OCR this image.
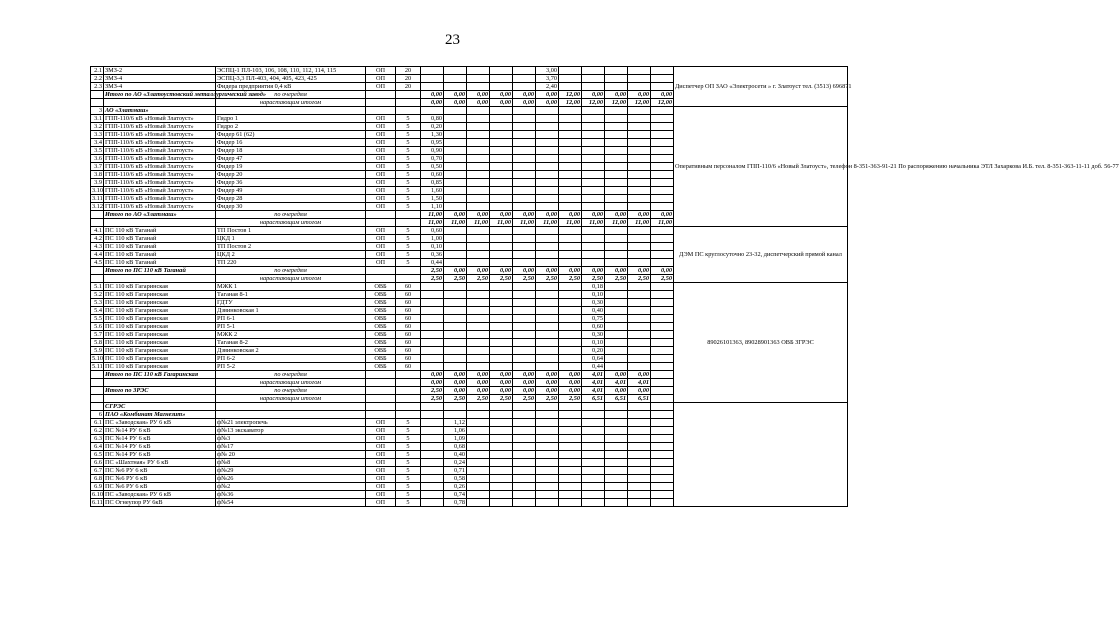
23
2.1	ЗМЗ-2	ЭСПЦ-1 ПЛ-103, 106, 108, 110, 112, 114, 115	ОП	20						3,00						Диспетчер ОП ЗАО «Электросети » г. Златоуст тел. (3513) 696871
2.2	ЗМЗ-4	ЭСПЦ-3,3 ПЛ-403, 404, 405, 423, 425	ОП	20						3,70						
2.3	ЗМЗ-4	Фидера предприятия 0,4 кВ	ОП	20						2,40						
	Итого по АО «Златоустовский металлургический завод»	по очередям			0,00	0,00	0,00	0,00	0,00	0,00	12,00	0,00	0,00	0,00	0,00	
		нарастающим итогом			0,00	0,00	0,00	0,00	0,00	0,00	12,00	12,00	12,00	12,00	12,00	
3	АО «Златмаш»															Оперативным персоналом ГПП-110/6 «Новый Златоуст», телефон 8-351-363-91-21 По распоряжению начальника ЭТЛ Захаркова И.Б. тел. 8-351-363-11-11 доб. 56-77
3.1	ГПП-110/6 кВ «Новый Златоуст»	Гидро 1	ОП	5	0,80											
3.2	ГПП-110/6 кВ «Новый Златоуст»	Гидро 2	ОП	5	0,20											
3.3	ГПП-110/6 кВ «Новый Златоуст»	Фидер 61 (62)	ОП	5	1,30											
3.4	ГПП-110/6 кВ «Новый Златоуст»	Фидер 16	ОП	5	0,95											
3.5	ГПП-110/6 кВ «Новый Златоуст»	Фидер 18	ОП	5	0,90											
3.6	ГПП-110/6 кВ «Новый Златоуст»	Фидер 47	ОП	5	0,70											
3.7	ГПП-110/6 кВ «Новый Златоуст»	Фидер 19	ОП	5	0,50											
3.8	ГПП-110/6 кВ «Новый Златоуст»	Фидер 20	ОП	5	0,60											
3.9	ГПП-110/6 кВ «Новый Златоуст»	Фидер 36	ОП	5	0,85											
3.10	ГПП-110/6 кВ «Новый Златоуст»	Фидер 49	ОП	5	1,60											
3.11	ГПП-110/6 кВ «Новый Златоуст»	Фидер 28	ОП	5	1,50											
3.12	ГПП-110/6 кВ «Новый Златоуст»	Фидер 30	ОП	5	1,10											
	Итого по АО «Златмаш»	по очередям			11,00	0,00	0,00	0,00	0,00	0,00	0,00	0,00	0,00	0,00	0,00	
		нарастающим итогом			11,00	11,00	11,00	11,00	11,00	11,00	11,00	11,00	11,00	11,00	11,00	
4.1	ПС 110 кВ Таганай	ТП Постов 1	ОП	5	0,60											ДЭМ ПС круглосуточно 23-32, диспетчерский прямой канал
4.2	ПС 110 кВ Таганай	ЦКД 1	ОП	5	1,00											
4.3	ПС 110 кВ Таганай	ТП Постов 2	ОП	5	0,10											
4.4	ПС 110 кВ Таганай	ЦКД 2	ОП	5	0,36											
4.5	ПС 110 кВ Таганай	ТП 220	ОП	5	0,44											
	Итого по ПС 110 кВ Таганай	по очередям			2,50	0,00	0,00	0,00	0,00	0,00	0,00	0,00	0,00	0,00	0,00	
		нарастающим итогом			2,50	2,50	2,50	2,50	2,50	2,50	2,50	2,50	2,50	2,50	2,50	
5.1	ПС 110 кВ Гагаринская	МЖК 1	ОВБ	60								0,18				89026101363, 89028901363 ОВБ ЗГРЭС
5.2	ПС 110 кВ Гагаринская	Таганая 8-1	ОВБ	60								0,10				
5.3	ПС 110 кВ Гагаринская	ГДТУ	ОВБ	60								0,30				
5.4	ПС 110 кВ Гагаринская	Дзвинковская 1	ОВБ	60								0,40				
5.5	ПС 110 кВ Гагаринская	РП 6-1	ОВБ	60								0,75				
5.6	ПС 110 кВ Гагаринская	РП 5-1	ОВБ	60								0,60				
5.7	ПС 110 кВ Гагаринская	МЖК 2	ОВБ	60								0,30				
5.8	ПС 110 кВ Гагаринская	Таганая 8-2	ОВБ	60								0,10				
5.9	ПС 110 кВ Гагаринская	Дзвинковская 2	ОВБ	60								0,20				
5.10	ПС 110 кВ Гагаринская	РП 6-2	ОВБ	60								0,64				
5.11	ПС 110 кВ Гагаринская	РП 5-2	ОВБ	60								0,44				
	Итого по ПС 110 кВ Гагаринская	по очередям			0,00	0,00	0,00	0,00	0,00	0,00	0,00	4,01	0,00	0,00		
		нарастающим итогом			0,00	0,00	0,00	0,00	0,00	0,00	0,00	4,01	4,01	4,01		
	Итого по ЗРЭС	по очередям			2,50	0,00	0,00	0,00	0,00	0,00	0,00	4,01	0,00	0,00		
		нарастающим итогом			2,50	2,50	2,50	2,50	2,50	2,50	2,50	6,51	6,51	6,51		
	СГРЭС															
6	ПАО «Комбинат Магнезит»															
6.1	ПС «Заводская» РУ 6 кВ	ф№21 электропечь	ОП	5		1,12										
6.2	ПС №14 РУ 6 кВ	ф№13 экскаватор	ОП	5		1,06										
6.3	ПС №14 РУ 6 кВ	ф№3	ОП	5		1,09										
6.4	ПС №14 РУ 6 кВ	ф№17	ОП	5		0,68										
6.5	ПС №14 РУ 6 кВ	ф№ 20	ОП	5		0,40										
6.6	ПС «Шахтная» РУ 6 кВ	ф№8	ОП	5		0,24										
6.7	ПС №6 РУ 6 кВ	ф№29	ОП	5		0,71										
6.8	ПС №6 РУ 6 кВ	ф№26	ОП	5		0,58										
6.9	ПС №6 РУ 6 кВ	ф№2	ОП	5		0,26										
6.10	ПС «Заводская» РУ 6 кВ	ф№36	ОП	5		0,74										
6.11	ПС Огнеупор РУ 6кВ	ф№54	ОП	5		0,78										
